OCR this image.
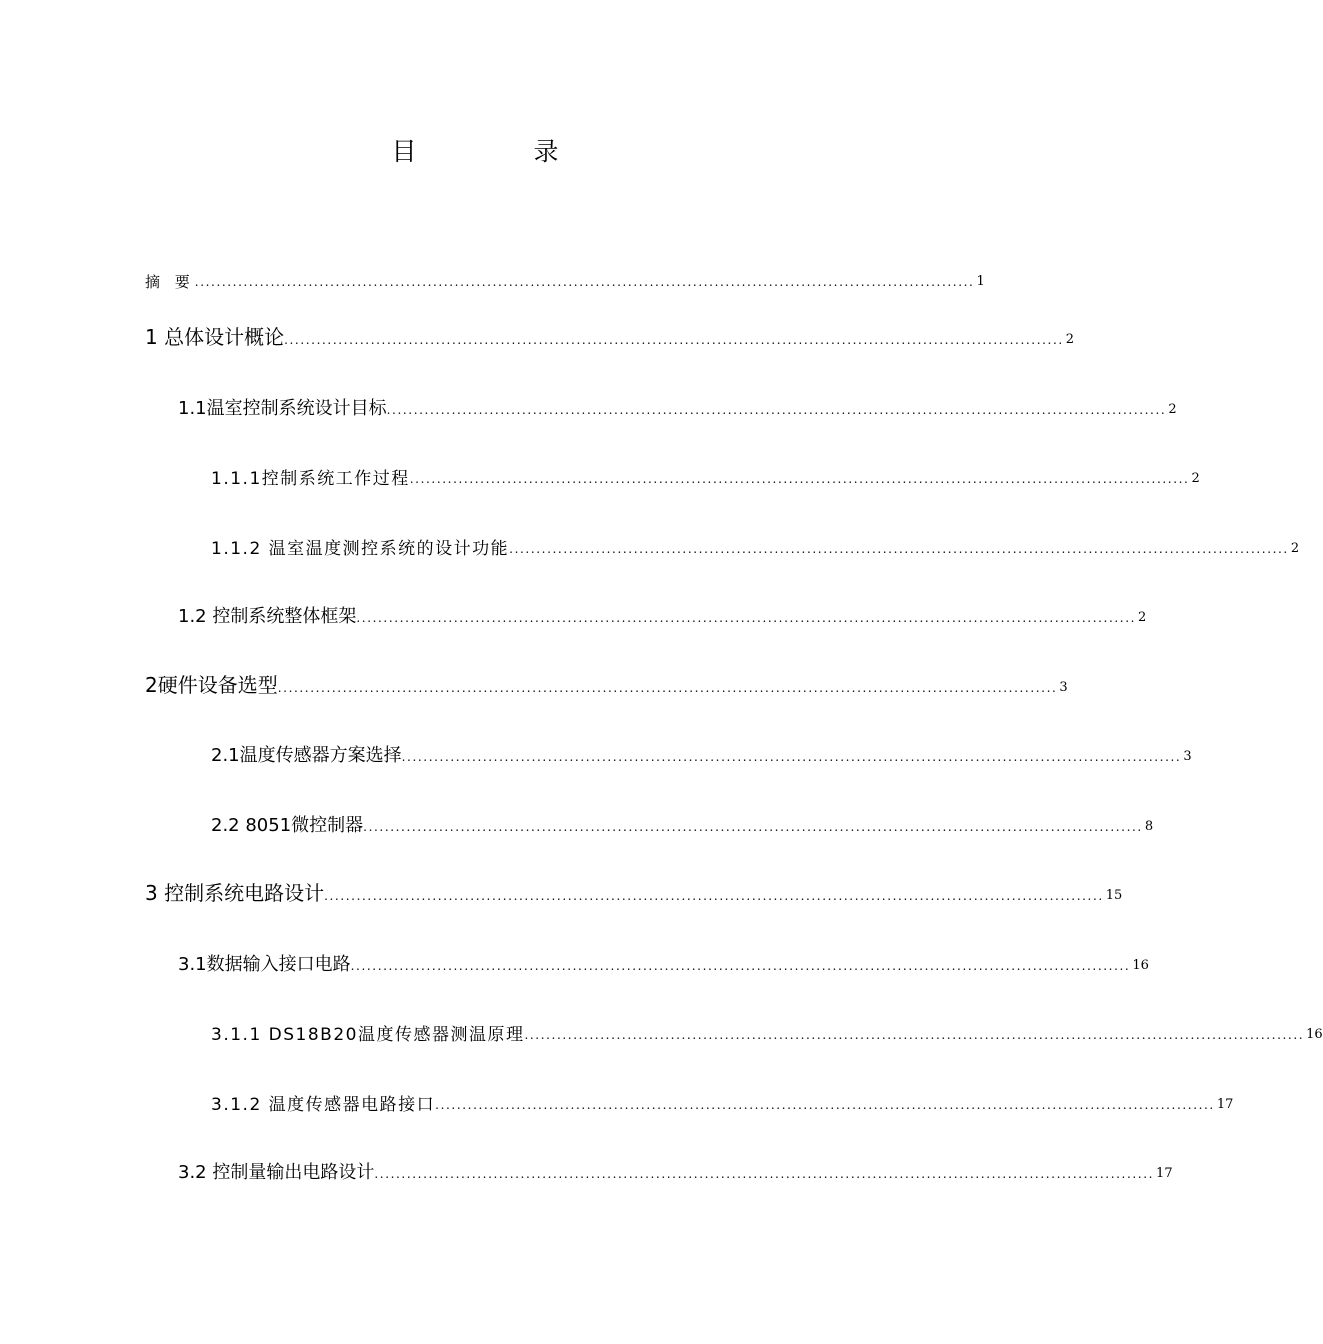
目　录
摘 要 ................................................................................................................................................ 1
1 总体设计概论 ................................................................................................................................................ 2
1.1温室控制系统设计目标 ................................................................................................................................................ 2
1.1.1控制系统工作过程 ................................................................................................................................................ 2
1.1.2 温室温度测控系统的设计功能 ................................................................................................................................................ 2
1.2 控制系统整体框架 ................................................................................................................................................ 2
2硬件设备选型 ................................................................................................................................................ 3
2.1温度传感器方案选择 ................................................................................................................................................ 3
2.2 8051微控制器 ................................................................................................................................................ 8
3 控制系统电路设计 ................................................................................................................................................ 15
3.1数据输入接口电路 ................................................................................................................................................ 16
3.1.1 DS18B20温度传感器测温原理 ................................................................................................................................................ 16
3.1.2 温度传感器电路接口 ................................................................................................................................................ 17
3.2 控制量输出电路设计 ................................................................................................................................................ 17
